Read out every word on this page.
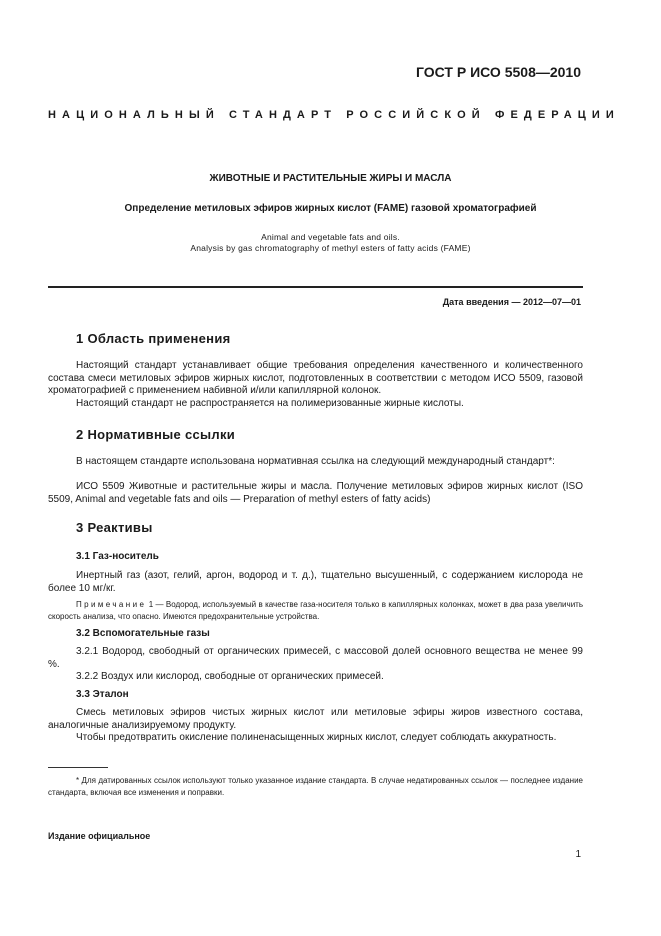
ГОСТ Р ИСО 5508—2010
НАЦИОНАЛЬНЫЙ СТАНДАРТ РОССИЙСКОЙ ФЕДЕРАЦИИ
ЖИВОТНЫЕ И РАСТИТЕЛЬНЫЕ ЖИРЫ И МАСЛА
Определение метиловых эфиров жирных кислот (FAME) газовой хроматографией
Animal and vegetable fats and oils.
Analysis by gas chromatography of methyl esters of fatty acids (FAME)
Дата введения — 2012—07—01
1 Область применения
Настоящий стандарт устанавливает общие требования определения качественного и количественного состава смеси метиловых эфиров жирных кислот, подготовленных в соответствии с методом ИСО 5509, газовой хроматографией с применением набивной и/или капиллярной колонок.
Настоящий стандарт не распространяется на полимеризованные жирные кислоты.
2 Нормативные ссылки
В настоящем стандарте использована нормативная ссылка на следующий международный стандарт*:
ИСО 5509 Животные и растительные жиры и масла. Получение метиловых эфиров жирных кислот (ISO 5509, Animal and vegetable fats and oils — Preparation of methyl esters of fatty acids)
3 Реактивы
3.1 Газ-носитель
Инертный газ (азот, гелий, аргон, водород и т. д.), тщательно высушенный, с содержанием кислорода не более 10 мг/кг.
Примечание 1 — Водород, используемый в качестве газа-носителя только в капиллярных колонках, может в два раза увеличить скорость анализа, что опасно. Имеются предохранительные устройства.
3.2 Вспомогательные газы
3.2.1 Водород, свободный от органических примесей, с массовой долей основного вещества не менее 99 %.
3.2.2 Воздух или кислород, свободные от органических примесей.
3.3 Эталон
Смесь метиловых эфиров чистых жирных кислот или метиловые эфиры жиров известного состава, аналогичные анализируемому продукту.
Чтобы предотвратить окисление полиненасыщенных жирных кислот, следует соблюдать аккуратность.
* Для датированных ссылок используют только указанное издание стандарта. В случае недатированных ссылок — последнее издание стандарта, включая все изменения и поправки.
Издание официальное
1
